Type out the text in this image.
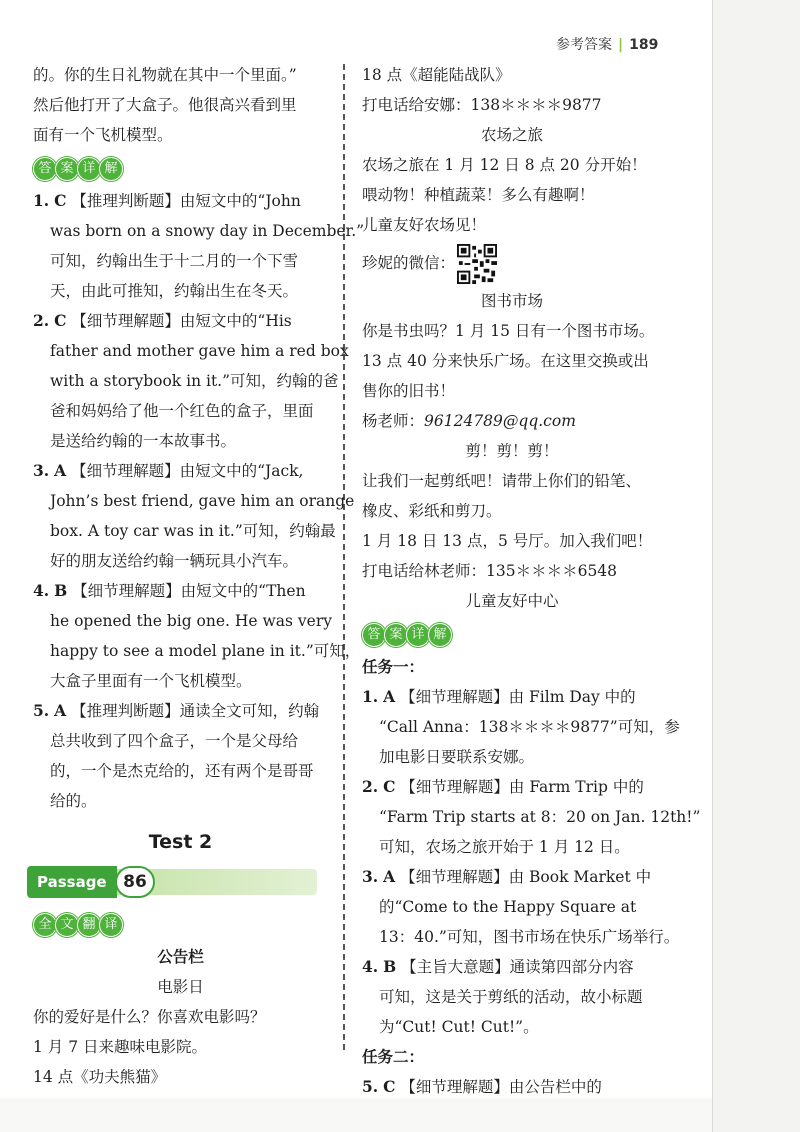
参考答案 | 189

的。你的生日礼物就在其中一个里面。”

然后他打开了大盒子。他很高兴看到里

面有一个飞机模型。

答 案 详 解

1. C 【推理判断题】由短文中的“John

was born on a snowy day in December.”

可知，约翰出生于十二月的一个下雪

天，由此可推知，约翰出生在冬天。

2. C 【细节理解题】由短文中的“His

father and mother gave him a red box

with a storybook in it.”可知，约翰的爸

爸和妈妈给了他一个红色的盒子，里面

是送给约翰的一本故事书。

3. A 【细节理解题】由短文中的“Jack,

John’s best friend, gave him an orange

box. A toy car was in it.”可知，约翰最

好的朋友送给约翰一辆玩具小汽车。

4. B 【细节理解题】由短文中的“Then

he opened the big one. He was very

happy to see a model plane in it.”可知，

大盒子里面有一个飞机模型。

5. A 【推理判断题】通读全文可知，约翰

总共收到了四个盒子，一个是父母给

的，一个是杰克给的，还有两个是哥哥

给的。

Test 2
Passage 86
全 文 翻 译

公告栏

电影日

你的爱好是什么？你喜欢电影吗？

1 月 7 日来趣味电影院。

14 点《功夫熊猫》

18 点《超能陆战队》

打电话给安娜：138＊＊＊＊9877

农场之旅

农场之旅在 1 月 12 日 8 点 20 分开始！

喂动物！种植蔬菜！多么有趣啊！

儿童友好农场见！

珍妮的微信：

图书市场

你是书虫吗？1 月 15 日有一个图书市场。

13 点 40 分来快乐广场。在这里交换或出

售你的旧书！

杨老师：96124789@qq.com

剪！剪！剪！

让我们一起剪纸吧！请带上你们的铅笔、

橡皮、彩纸和剪刀。

1 月 18 日 13 点，5 号厅。加入我们吧！

打电话给林老师：135＊＊＊＊6548

儿童友好中心

答 案 详 解

任务一：

1. A 【细节理解题】由 Film Day 中的

“Call Anna：138＊＊＊＊9877”可知，参

加电影日要联系安娜。

2. C 【细节理解题】由 Farm Trip 中的

“Farm Trip starts at 8：20 on Jan. 12th!”

可知，农场之旅开始于 1 月 12 日。

3. A 【细节理解题】由 Book Market 中

的“Come to the Happy Square at

13：40.”可知，图书市场在快乐广场举行。

4. B 【主旨大意题】通读第四部分内容

可知，这是关于剪纸的活动，故小标题

为“Cut! Cut! Cut!”。

任务二：

5. C 【细节理解题】由公告栏中的
